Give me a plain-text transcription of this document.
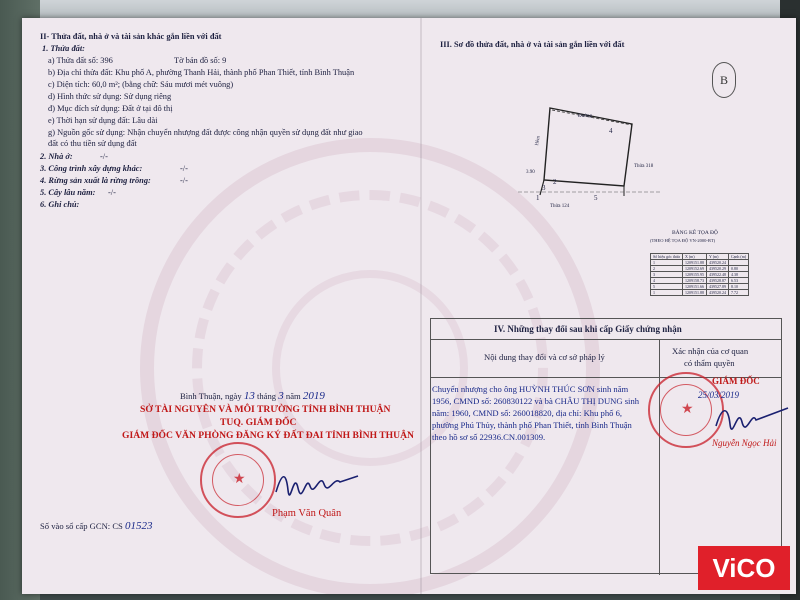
II- Thửa đất, nhà ở và tài sản khác gắn liền với đất
1. Thửa đất:
a) Thửa đất số: 396	Tờ bản đồ số: 9
b) Địa chỉ thửa đất: Khu phố A, phường Thanh Hải, thành phố Phan Thiết, tỉnh Bình Thuận
c) Diện tích: 60,0 m²; (bằng chữ: Sáu mươi mét vuông)
d) Hình thức sử dụng: Sử dụng riêng
đ) Mục đích sử dụng: Đất ở tại đô thị
e) Thời hạn sử dụng đất: Lâu dài
g) Nguồn gốc sử dụng: Nhận chuyển nhượng đất được công nhận quyền sử dụng đất như giao
đất có thu tiền sử dụng đất
2. Nhà ở:	-/-
3. Công trình xây dựng khác:	-/-
4. Rừng sản xuất là rừng trồng:	-/-
5. Cây lâu năm: -/-
6. Ghi chú:
Bình Thuận, ngày 13 tháng 3 năm 2019
SỞ TÀI NGUYÊN VÀ MÔI TRƯỜNG TỈNH BÌNH THUẬN
TUQ. GIÁM ĐỐC
GIÁM ĐỐC VĂN PHÒNG ĐĂNG KÝ ĐẤT ĐAI TỈNH BÌNH THUẬN
★
Phạm Văn Quân
Số vào sổ cấp GCN: CS 01523
III. Sơ đồ thửa đất, nhà ở và tài sản gắn liền với đất
B
4
2
3
1	5
Đường
Thửa 318
Thửa 124
Hẻm
3.90
BẢNG KÊ TỌA ĐỘ
(THEO HỆ TỌA ĐỘ VN-2000-BT)
Số hiệu góc thửa	X (m)	Y (m)	Cạnh (m)
1	1209151.88	439520.24	
2	1209152.69	439520.29	0.80
3	1209155.95	439522.48	4.38
4	1209158.73	439528.87	6.53
5	1209151.66	439527.89	8.10
1	1209151.88	439520.24	7.72
IV. Những thay đổi sau khi cấp Giấy chứng nhận
Nội dung thay đổi và cơ sở pháp lý
Xác nhận của cơ quan
có thẩm quyền
Chuyển nhượng cho ông HUỲNH THÚC SƠN sinh năm
1956, CMND số: 260830122 và bà CHÂU THỊ DUNG sinh
năm: 1960, CMND số: 260018820, địa chỉ: Khu phố 6,
phường Phú Thủy, thành phố Phan Thiết, tỉnh Bình Thuận
theo hồ sơ số 22936.CN.001309.
GIÁM ĐỐC
★
25/03/2019
Nguyễn Ngọc Hải
ViCO
